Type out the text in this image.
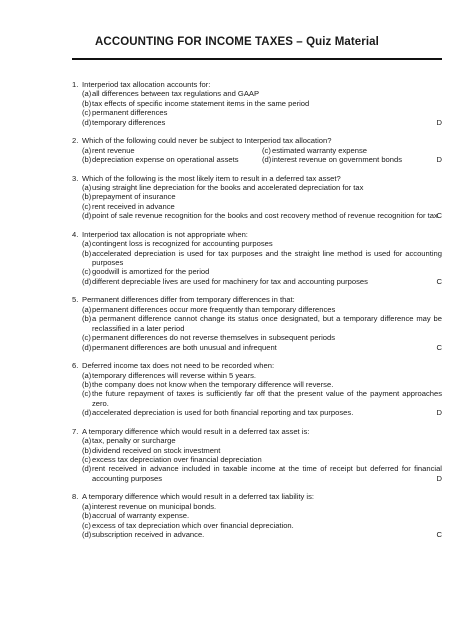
ACCOUNTING FOR INCOME TAXES – Quiz Material
1. Interperiod tax allocation accounts for:
(a) all differences between tax regulations and GAAP
(b) tax effects of specific income statement items in the same period
(c) permanent differences
(d) temporary differences	D
2. Which of the following could never be subject to Interperiod tax allocation?
(a) rent revenue	(c) estimated warranty expense
(b) depreciation expense on operational assets	(d) interest revenue on government bonds	D
3. Which of the following is the most likely item to result in a deferred tax asset?
(a) using straight line depreciation for the books and accelerated depreciation for tax
(b) prepayment of insurance
(c) rent received in advance
(d) point of sale revenue recognition for the books and cost recovery method of revenue recognition for tax
C
4. Interperiod tax allocation is not appropriate when:
(a) contingent loss is recognized for accounting purposes
(b) accelerated depreciation is used for tax purposes and the straight line method is used for accounting purposes
(c) goodwill is amortized for the period
(d) different depreciable lives are used for machinery for tax and accounting purposes	C
5. Permanent differences differ from temporary differences in that:
(a) permanent differences occur more frequently than temporary differences
(b) a permanent difference cannot change its status once designated, but a temporary difference may be reclassified in a later period
(c) permanent differences do not reverse themselves in subsequent periods
(d) permanent differences are both unusual and infrequent	C
6. Deferred income tax does not need to be recorded when:
(a) temporary differences will reverse within 5 years.
(b) the company does not know when the temporary difference will reverse.
(c) the future repayment of taxes is sufficiently far off that the present value of the payment approaches zero.
(d) accelerated depreciation is used for both financial reporting and tax purposes.	D
7. A temporary difference which would result in a deferred tax asset is:
(a) tax, penalty or surcharge
(b) dividend received on stock investment
(c) excess tax depreciation over financial depreciation
(d) rent received in advance included in taxable income at the time of receipt but deferred for financial accounting purposes	D
8. A temporary difference which would result in a deferred tax liability is:
(a) interest revenue on municipal bonds.
(b) accrual of warranty expense.
(c) excess of tax depreciation which over financial depreciation.
(d) subscription received in advance.	C
